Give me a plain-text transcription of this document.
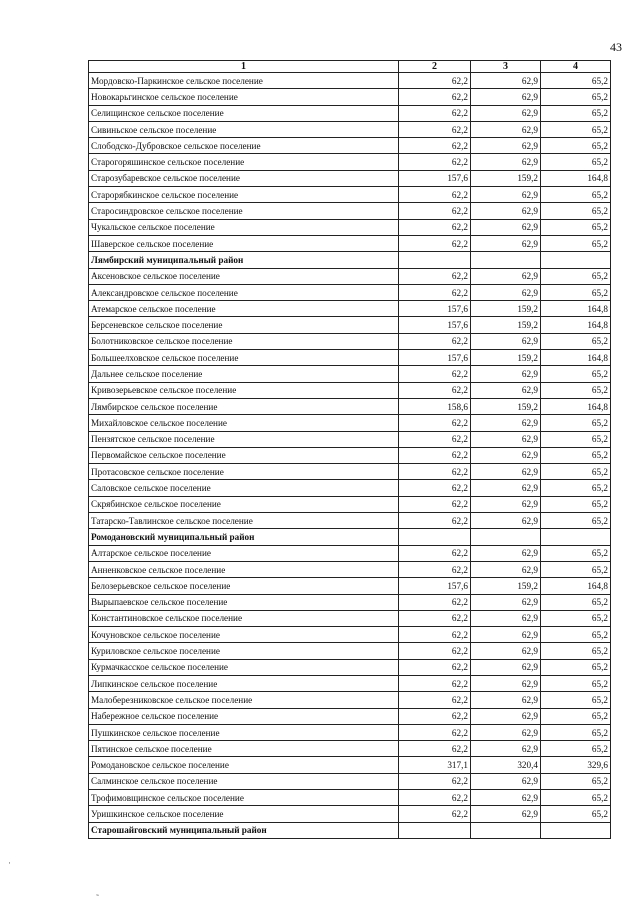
43
1	2	3	4
Мордовско-Паркинское сельское поселение	62,2	62,9	65,2
Новокарьгинское сельское поселение	62,2	62,9	65,2
Селищинское сельское поселение	62,2	62,9	65,2
Сивиньское сельское поселение	62,2	62,9	65,2
Слободско-Дубровское сельское поселение	62,2	62,9	65,2
Старогоряшинское сельское поселение	62,2	62,9	65,2
Старозубаревское сельское поселение	157,6	159,2	164,8
Старорябкинское сельское поселение	62,2	62,9	65,2
Старосиндровское сельское поселение	62,2	62,9	65,2
Чукальское сельское поселение	62,2	62,9	65,2
Шаверское сельское поселение	62,2	62,9	65,2
Лямбирский муниципальный район			
Аксеновское сельское поселение	62,2	62,9	65,2
Александровское сельское поселение	62,2	62,9	65,2
Атемарское сельское поселение	157,6	159,2	164,8
Берсеневское сельское поселение	157,6	159,2	164,8
Болотниковское сельское поселение	62,2	62,9	65,2
Большеелховское сельское поселение	157,6	159,2	164,8
Дальнее сельское поселение	62,2	62,9	65,2
Кривозерьевское сельское поселение	62,2	62,9	65,2
Лямбирское сельское поселение	158,6	159,2	164,8
Михайловское сельское поселение	62,2	62,9	65,2
Пензятское сельское поселение	62,2	62,9	65,2
Первомайское сельское поселение	62,2	62,9	65,2
Протасовское сельское поселение	62,2	62,9	65,2
Саловское сельское поселение	62,2	62,9	65,2
Скрябинское сельское поселение	62,2	62,9	65,2
Татарско-Тавлинское сельское поселение	62,2	62,9	65,2
Ромодановский муниципальный район			
Алтарское сельское поселение	62,2	62,9	65,2
Анненковское сельское поселение	62,2	62,9	65,2
Белозерьевское сельское поселение	157,6	159,2	164,8
Вырыпаевское сельское поселение	62,2	62,9	65,2
Константиновское сельское поселение	62,2	62,9	65,2
Кочуновское сельское поселение	62,2	62,9	65,2
Куриловское сельское поселение	62,2	62,9	65,2
Курмачкасское сельское поселение	62,2	62,9	65,2
Липкинское сельское поселение	62,2	62,9	65,2
Малоберезниковское сельское поселение	62,2	62,9	65,2
Набережное сельское поселение	62,2	62,9	65,2
Пушкинское сельское поселение	62,2	62,9	65,2
Пятинское сельское поселение	62,2	62,9	65,2
Ромодановское сельское поселение	317,1	320,4	329,6
Салминское сельское поселение	62,2	62,9	65,2
Трофимовщинское сельское поселение	62,2	62,9	65,2
Уришкинское сельское поселение	62,2	62,9	65,2
Старошайговский муниципальный район			
·
˜
